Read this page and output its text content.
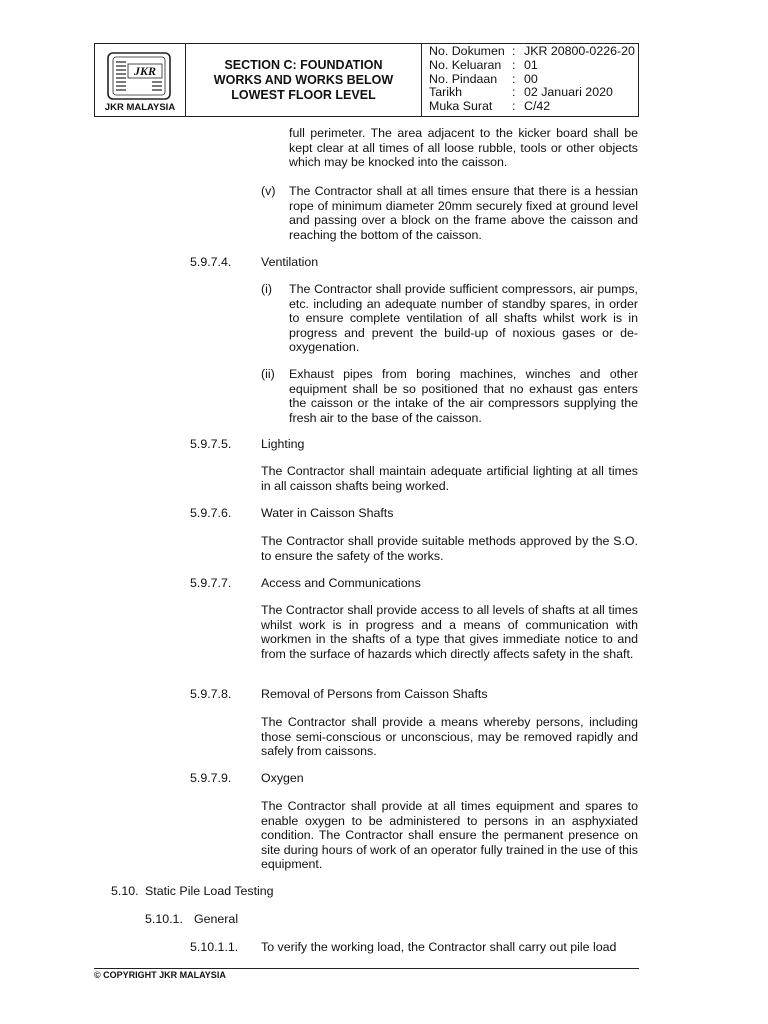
JKR
JKR MALAYSIA
SECTION C: FOUNDATION
WORKS AND WORKS BELOW
LOWEST FLOOR LEVEL
No. Dokumen : JKR 20800-0226-20
No. Keluaran : 01
No. Pindaan	: 00
Tarikh	: 02 Januari 2020
Muka Surat	: C/42
full perimeter. The area adjacent to the kicker board shall be kept clear at all times of all loose rubble, tools or other objects which may be knocked into the caisson.
(v) The Contractor shall at all times ensure that there is a hessian rope of minimum diameter 20mm securely fixed at ground level and passing over a block on the frame above the caisson and reaching the bottom of the caisson.
5.9.7.4. Ventilation
(i) The Contractor shall provide sufficient compressors, air pumps, etc. including an adequate number of standby spares, in order to ensure complete ventilation of all shafts whilst work is in progress and prevent the build-up of noxious gases or de-oxygenation.
(ii) Exhaust pipes from boring machines, winches and other equipment shall be so positioned that no exhaust gas enters the caisson or the intake of the air compressors supplying the fresh air to the base of the caisson.
5.9.7.5. Lighting
The Contractor shall maintain adequate artificial lighting at all times in all caisson shafts being worked.
5.9.7.6. Water in Caisson Shafts
The Contractor shall provide suitable methods approved by the S.O. to ensure the safety of the works.
5.9.7.7. Access and Communications
The Contractor shall provide access to all levels of shafts at all times whilst work is in progress and a means of communication with workmen in the shafts of a type that gives immediate notice to and from the surface of hazards which directly affects safety in the shaft.
5.9.7.8. Removal of Persons from Caisson Shafts
The Contractor shall provide a means whereby persons, including those semi-conscious or unconscious, may be removed rapidly and safely from caissons.
5.9.7.9. Oxygen
The Contractor shall provide at all times equipment and spares to enable oxygen to be administered to persons in an asphyxiated condition. The Contractor shall ensure the permanent presence on site during hours of work of an operator fully trained in the use of this equipment.
5.10. Static Pile Load Testing
5.10.1. General
5.10.1.1. To verify the working load, the Contractor shall carry out pile load
© COPYRIGHT JKR MALAYSIA
